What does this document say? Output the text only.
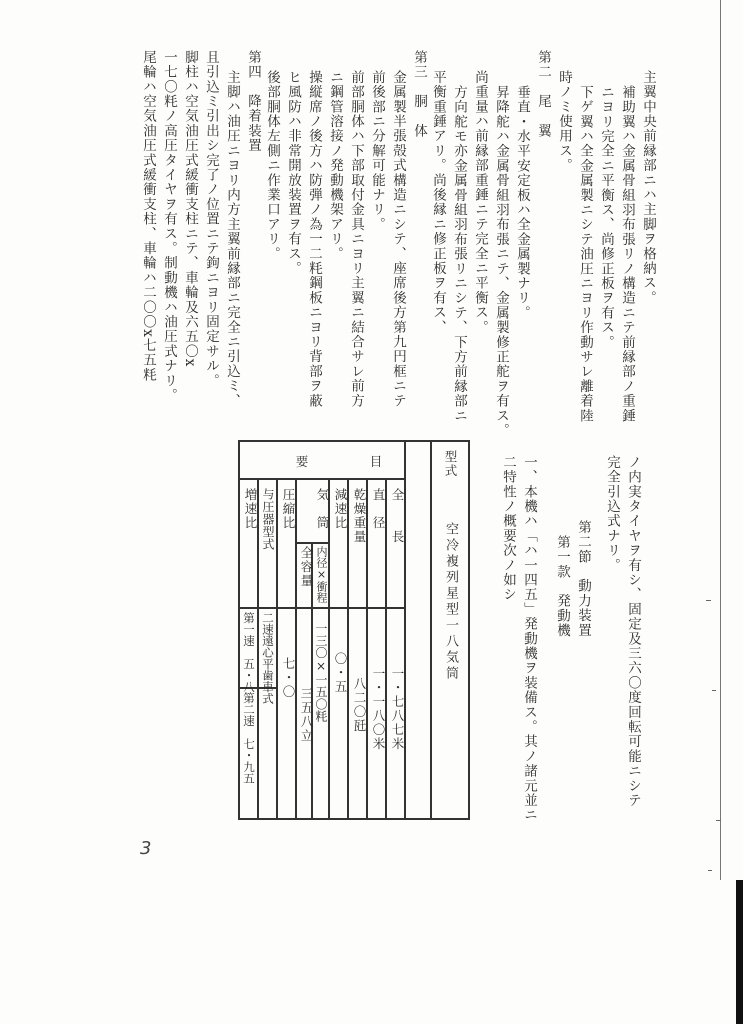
主翼中央前縁部ニハ主脚ヲ格納ス。
補助翼ハ金属骨組羽布張リノ構造ニテ前縁部ノ重錘
ニヨリ完全ニ平衡ス、尚修正板ヲ有ス。
下ゲ翼ハ全金属製ニシテ油圧ニヨリ作動サレ離着陸
時ノミ使用ス。
第二　尾　翼
垂直・水平安定板ハ全金属製ナリ。
昇降舵ハ金属骨組羽布張ニテ、金属製修正舵ヲ有ス。
尚重量ハ前縁部重錘ニテ完全ニ平衡ス。
方向舵モ亦金属骨組羽布張リニシテ、下方前縁部ニ
平衡重錘アリ。尚後縁ニ修正板ヲ有ス、
第三　胴　体
金属製半張殻式構造ニシテ、座席後方第九円框ニテ
前後部ニ分解可能ナリ。
前部胴体ハ下部取付金具ニヨリ主翼ニ結合サレ前方
ニ鋼管溶接ノ発動機架アリ。
操縦席ノ後方ハ防弾ノ為一二粍鋼板ニヨリ背部ヲ蔽
ヒ風防ハ非常開放装置ヲ有ス。
後部胴体左側ニ作業口アリ。
第四　降着装置
主脚ハ油圧ニヨリ内方主翼前縁部ニ完全ニ引込ミ、
且引込ミ引出シ完了ノ位置ニテ鉤ニヨリ固定サル。
脚柱ハ空気油圧式緩衝支柱ニテ、車輪及六五〇x
一七〇粍ノ高圧タイヤヲ有ス。制動機ハ油圧式ナリ。
尾輪ハ空気油圧式緩衝支柱、車輪ハ二〇〇x七五粍
ノ内実タイヤヲ有シ、固定及三六〇度回転可能ニシテ
完全引込式ナリ。
第二節　動力装置
第一款　発動機
一、本機ハ「ハ一四五」発動機ヲ装備ス。其ノ諸元並ニ
二特性ノ概要次ノ如シ
型式
空冷複列星型一八気筒
要　　　目
全　　長
直　径
乾燥重量
減速比
気　筒
内径×衝程
全容量
圧縮比
与圧器型式
増速比
一・七八七米
一・一八〇米
八二〇瓩
〇・五
一三〇×一五〇粍
三五八立
七・〇
二速遠心平歯車式
第一速　五・八
第二速　七・九五
3
